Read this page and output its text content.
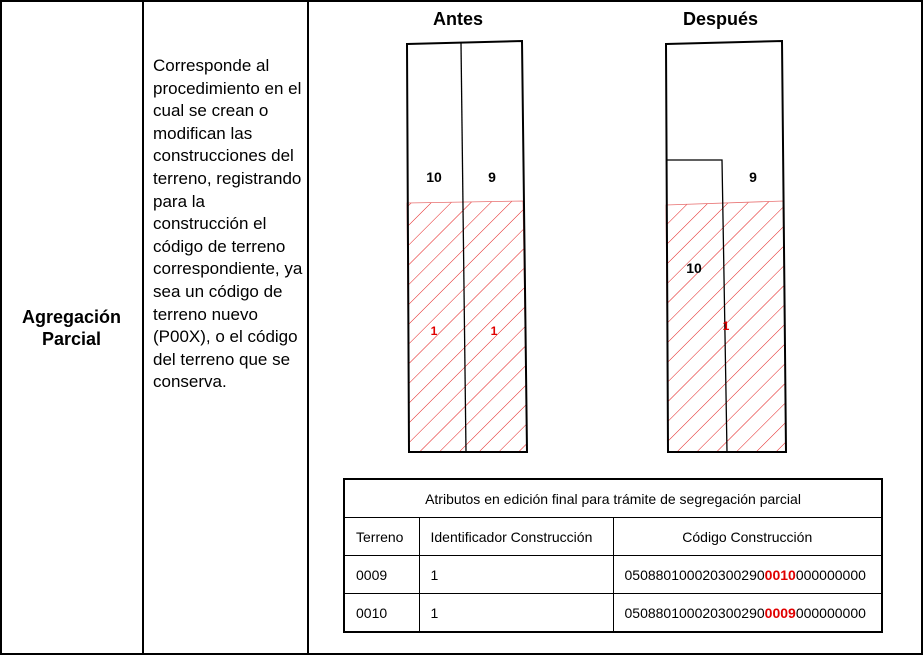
Agregación
Parcial

Corresponde al procedimiento en el cual se crean o modifican las construcciones del terreno, registrando para la construcción el código de terreno correspondiente, ya sea un código de terreno nuevo (P00X), o el código del terreno que se conserva.

Antes	Después
10	9
1	1
10
9
1
Atributos en edición final para trámite de segregación parcial		
Terreno	Identificador Construcción	Código Construcción
0009	1	0508801000203002900010000000000
0010	1	0508801000203002900009000000000
